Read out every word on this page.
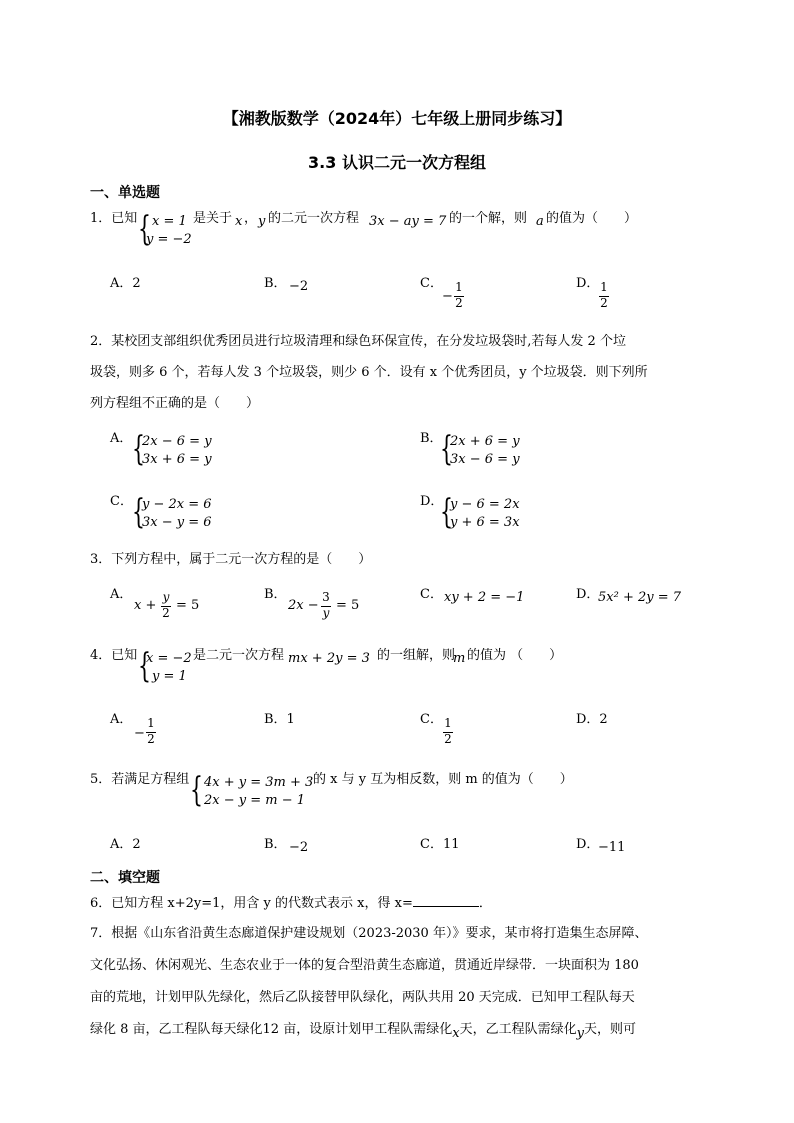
【湘教版数学（2024年）七年级上册同步练习】
3.3 认识二元一次方程组
一、单选题
1．已知 { x = 1
y = −2
是关于 x ， y 的二元一次方程 3x − ay = 7 的一个解，则 a 的值为（　　）
A．2	B． −2	C．
−
1
2
D． 1
2
2．某校团支部组织优秀团员进行垃圾清理和绿色环保宣传，在分发垃圾袋时,若每人发 2 个垃
圾袋，则多 6 个，若每人发 3 个垃圾袋，则少 6 个．设有 x 个优秀团员，y 个垃圾袋．则下列所
列方程组不正确的是（　　）
A． {
2x − 6 = y
3x + 6 = y
B．
{
2x + 6 = y
3x − 6 = y
C． {
y − 2x = 6
3x − y = 6
D．
{
y − 6 = 2x
y + 6 = 3x
3．下列方程中，属于二元一次方程的是（　　）
A．
x +
y
2 = 5
B．
2x −
3
y = 5
C． xy + 2 = −1	D．
5x² + 2y = 7
4．已知 {
x = −2
y = 1
是二元一次方程 mx + 2y = 3 的一组解，则
m 的值为 （　　）
A．
−
1
2
B．1	C． 1
2
D．2
5．若满足方程组 { 4x + y = 3m + 3
2x − y = m − 1
的 x 与 y 互为相反数，则 m 的值为（　　）
A．2	B． −2	C．11	D．
−11
二、填空题
6．已知方程 x+2y=1，用含 y 的代数式表示 x，得 x=	．
7．根据《山东省沿黄生态廊道保护建设规划（2023-2030 年）》要求，某市将打造集生态屏障、
文化弘扬、休闲观光、生态农业于一体的复合型沿黄生态廊道，贯通近岸绿带．一块面积为 180
亩的荒地，计划甲队先绿化，然后乙队接替甲队绿化，两队共用 20 天完成．已知甲工程队每天
绿化 8 亩，乙工程队每天绿化12 亩，设原计划甲工程队需绿化x天，乙工程队需绿化y天，则可
